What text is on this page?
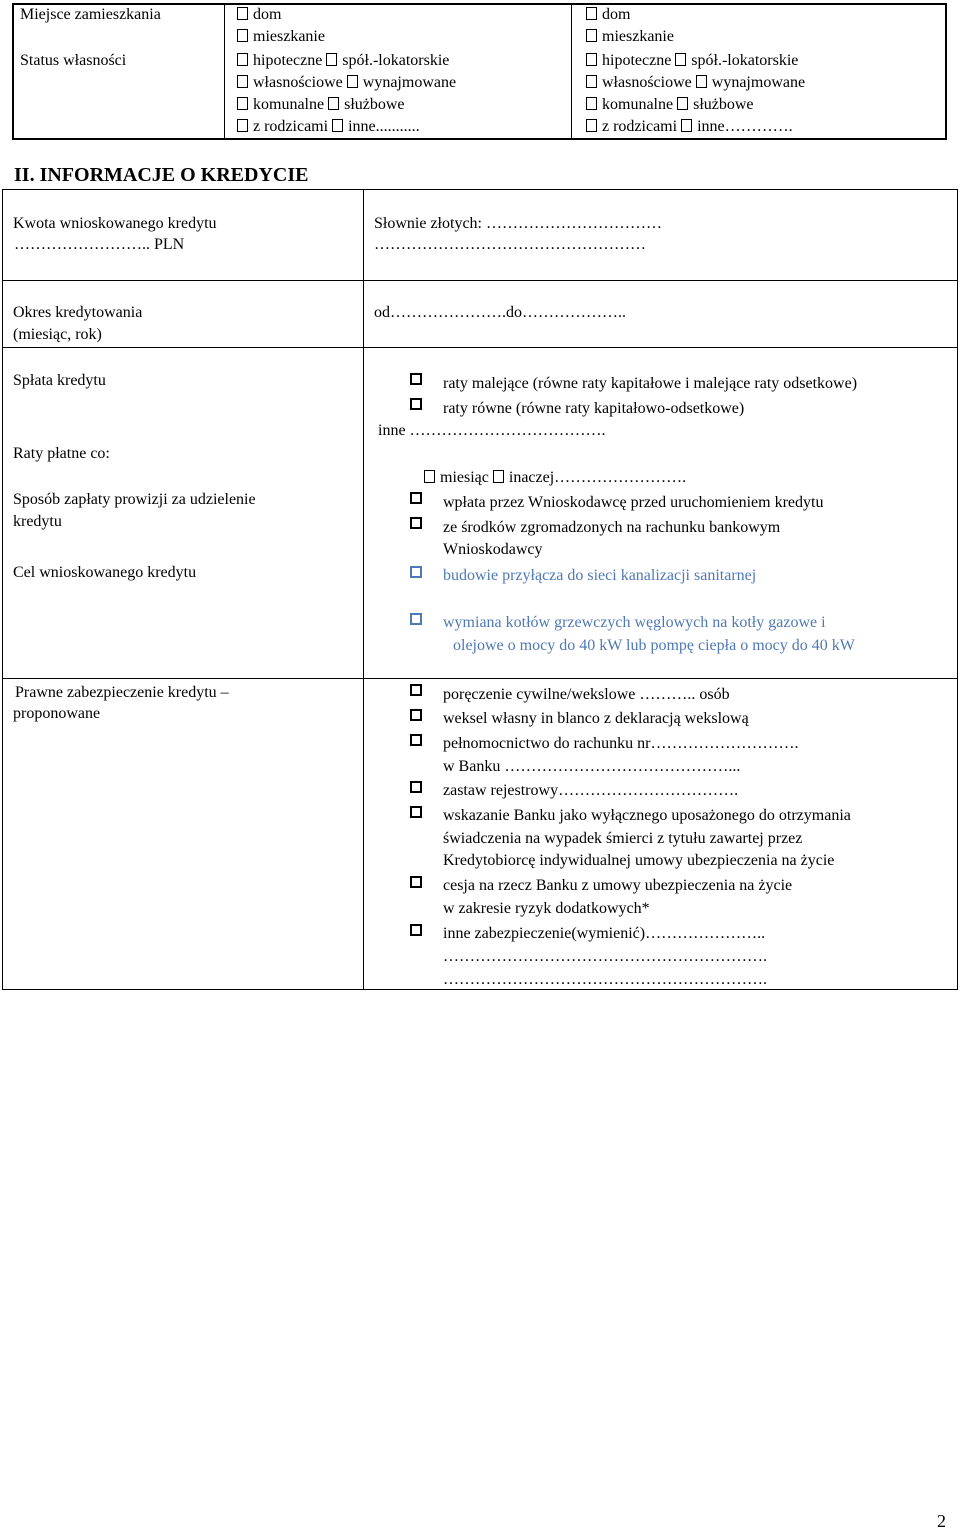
Miejsce zamieszkania
Status własności
dom
mieszkanie
hipoteczne spół.-lokatorskie
własnościowe wynajmowane
komunalne służbowe
z rodzicami inne...........
dom
mieszkanie
hipoteczne spół.-lokatorskie
własnościowe wynajmowane
komunalne służbowe
z rodzicami inne………….
II. INFORMACJE O KREDYCIE
Kwota wnioskowanego kredytu
…………………….. PLN
Słownie złotych: ……………………………
……………………………………………
Okres kredytowania
(miesiąc, rok)
od………………….do………………..
Spłata kredytu	raty malejące (równe raty kapitałowe i malejące raty odsetkowe)
raty równe (równe raty kapitałowo-odsetkowe)
inne ……………………………….
Raty płatne co:
miesiąc inaczej…………………….
Sposób zapłaty prowizji za udzielenie
kredytu
wpłata przez Wnioskodawcę przed uruchomieniem kredytu
ze środków zgromadzonych na rachunku bankowym
Wnioskodawcy
Cel wnioskowanego kredytu	budowie przyłącza do sieci kanalizacji sanitarnej
wymiana kotłów grzewczych węglowych na kotły gazowe i
olejowe o mocy do 40 kW lub pompę ciepła o mocy do 40 kW
Prawne zabezpieczenie kredytu –
proponowane
poręczenie cywilne/wekslowe ……….. osób
weksel własny in blanco z deklaracją wekslową
pełnomocnictwo do rachunku nr……………………….
w Banku ……………………………………...
zastaw rejestrowy…………………………….
wskazanie Banku jako wyłącznego uposażonego do otrzymania
świadczenia na wypadek śmierci z tytułu zawartej przez
Kredytobiorcę indywidualnej umowy ubezpieczenia na życie
cesja na rzecz Banku z umowy ubezpieczenia na życie
w zakresie ryzyk dodatkowych*
inne zabezpieczenie(wymienić)…………………..
…………………………………………………….
…………………………………………………….
2
